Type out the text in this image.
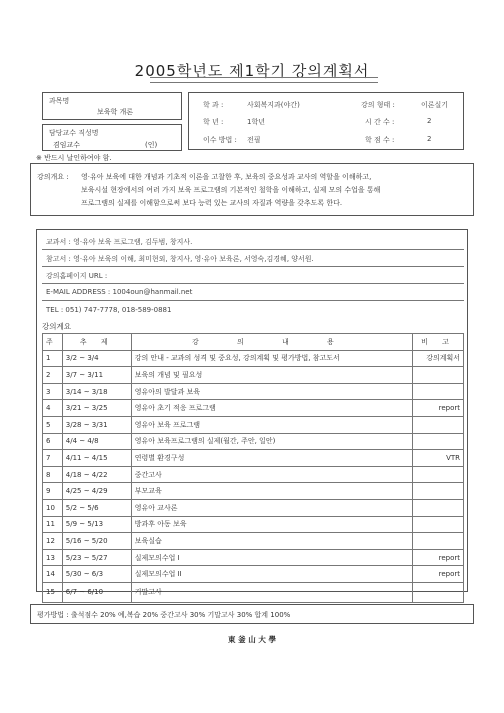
2005학년도 제1학기 강의계획서
과목명
보육학 개론
담당교수 직성명
겸임교수	(인)
※ 반드시 날인하여야 함.
학 과 :	사회복지과(야간)	강의 형태 :	이론실기
학 년 :	1학년	시 간 수 :	2
이수 방법 : 전필	학 점 수 :	2
강의개요 : 영·유아 보육에 대한 개념과 기초적 이론을 고찰한 후, 보육의 중요성과 교사의 역할을 이해하고,
보육시설 현장에서의 여러 가지 보육 프로그램의 기본적인 철학을 이해하고, 실제 모의 수업을 통해
프로그램의 실제를 이해함으로써 보다 능력 있는 교사의 자질과 역량을 갖추도록 한다.
교과서 : 영·유아 보육 프로그램, 김두범, 창지사.
참고서 : 영·유아 보육의 이해, 최미현외, 창지사, 영·유아 보육론, 서영숙,김경혜, 양서원.
강의홈페이지 URL :
E-MAIL ADDRESS : 1004oun@hanmail.net
TEL : 051) 747-7778, 018-589-0881
강의계요
주	추 제	강 의 내 용	비 고
1	3/2 ~ 3/4	강의 안내 - 교과의 성격 및 중요성, 강의계획 및 평가방법, 참고도서	강의계획서
2	3/7 ~ 3/11	보육의 개념 및 필요성	
3	3/14 ~ 3/18	영유아의 발달과 보육	
4	3/21 ~ 3/25	영유아 초기 적응 프로그램	report
5	3/28 ~ 3/31	영유아 보육 프로그램	
6	4/4 ~ 4/8	영유아 보육프로그램의 실제(월간, 주안, 일안)	
7	4/11 ~ 4/15	연령별 환경구성	VTR
8	4/18 ~ 4/22	중간고사	
9	4/25 ~ 4/29	부모교육	
10	5/2 ~ 5/6	영유아 교사론	
11	5/9 ~ 5/13	방과후 아동 보육	
12	5/16 ~ 5/20	보육실습	
13	5/23 ~ 5/27	실제모의수업 I	report
14	5/30 ~ 6/3	실제모의수업 II	report
15	6/7 ~ 6/10	기말고사	
평가방법 : 출석점수 20% 예,복습 20% 중간고사 30% 기말고사 30% 합계 100%
東 釜 山 大 學
